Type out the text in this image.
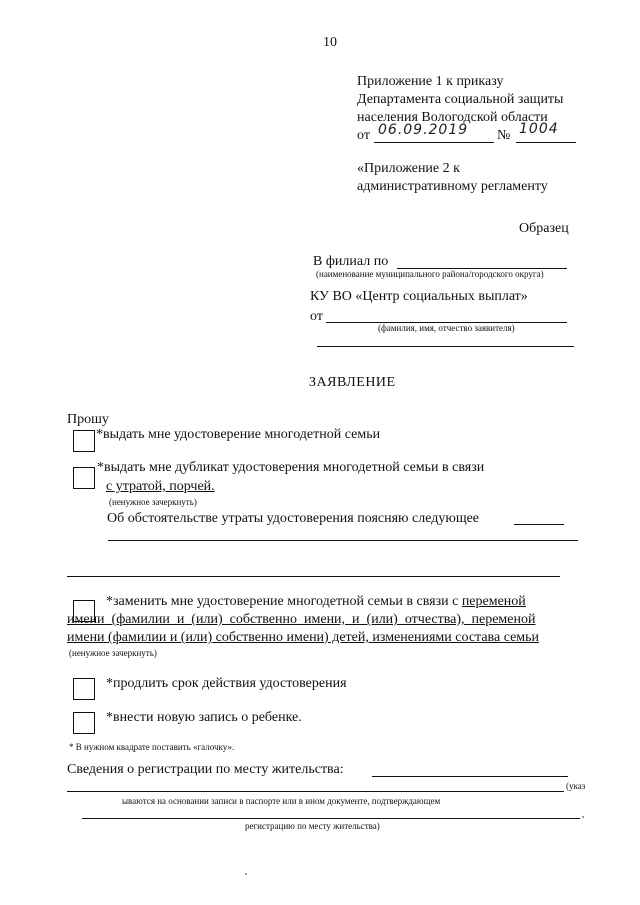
10
Приложение 1 к приказу
Департамента социальной защиты
населения Вологодской области
от 06.09.2019 № 1004
«Приложение 2 к
административному регламенту
Образец
В филиал по
(наименование муниципального района/городского округа)
КУ ВО «Центр социальных выплат»
от
(фамилия, имя, отчество заявителя)
ЗАЯВЛЕНИЕ
Прошу
*выдать мне удостоверение многодетной семьи
*выдать мне дубликат удостоверения многодетной семьи в связи
с утратой, порчей.
(ненужное зачеркнуть)
Об обстоятельстве утраты удостоверения поясняю следующее
*заменить мне удостоверение многодетной семьи в связи с переменой
имени (фамилии и (или) собственно имени, и (или) отчества), переменой
имени (фамилии и (или) собственно имени) детей, изменениями состава семьи
(ненужное зачеркнуть)
*продлить срок действия удостоверения
*внести новую запись о ребенке.
* В нужном квадрате поставить «галочку».
Сведения о регистрации по месту жительства:
(указ
ываются на основании записи в паспорте или в ином документе, подтверждающем
,
регистрацию по месту жительства)
